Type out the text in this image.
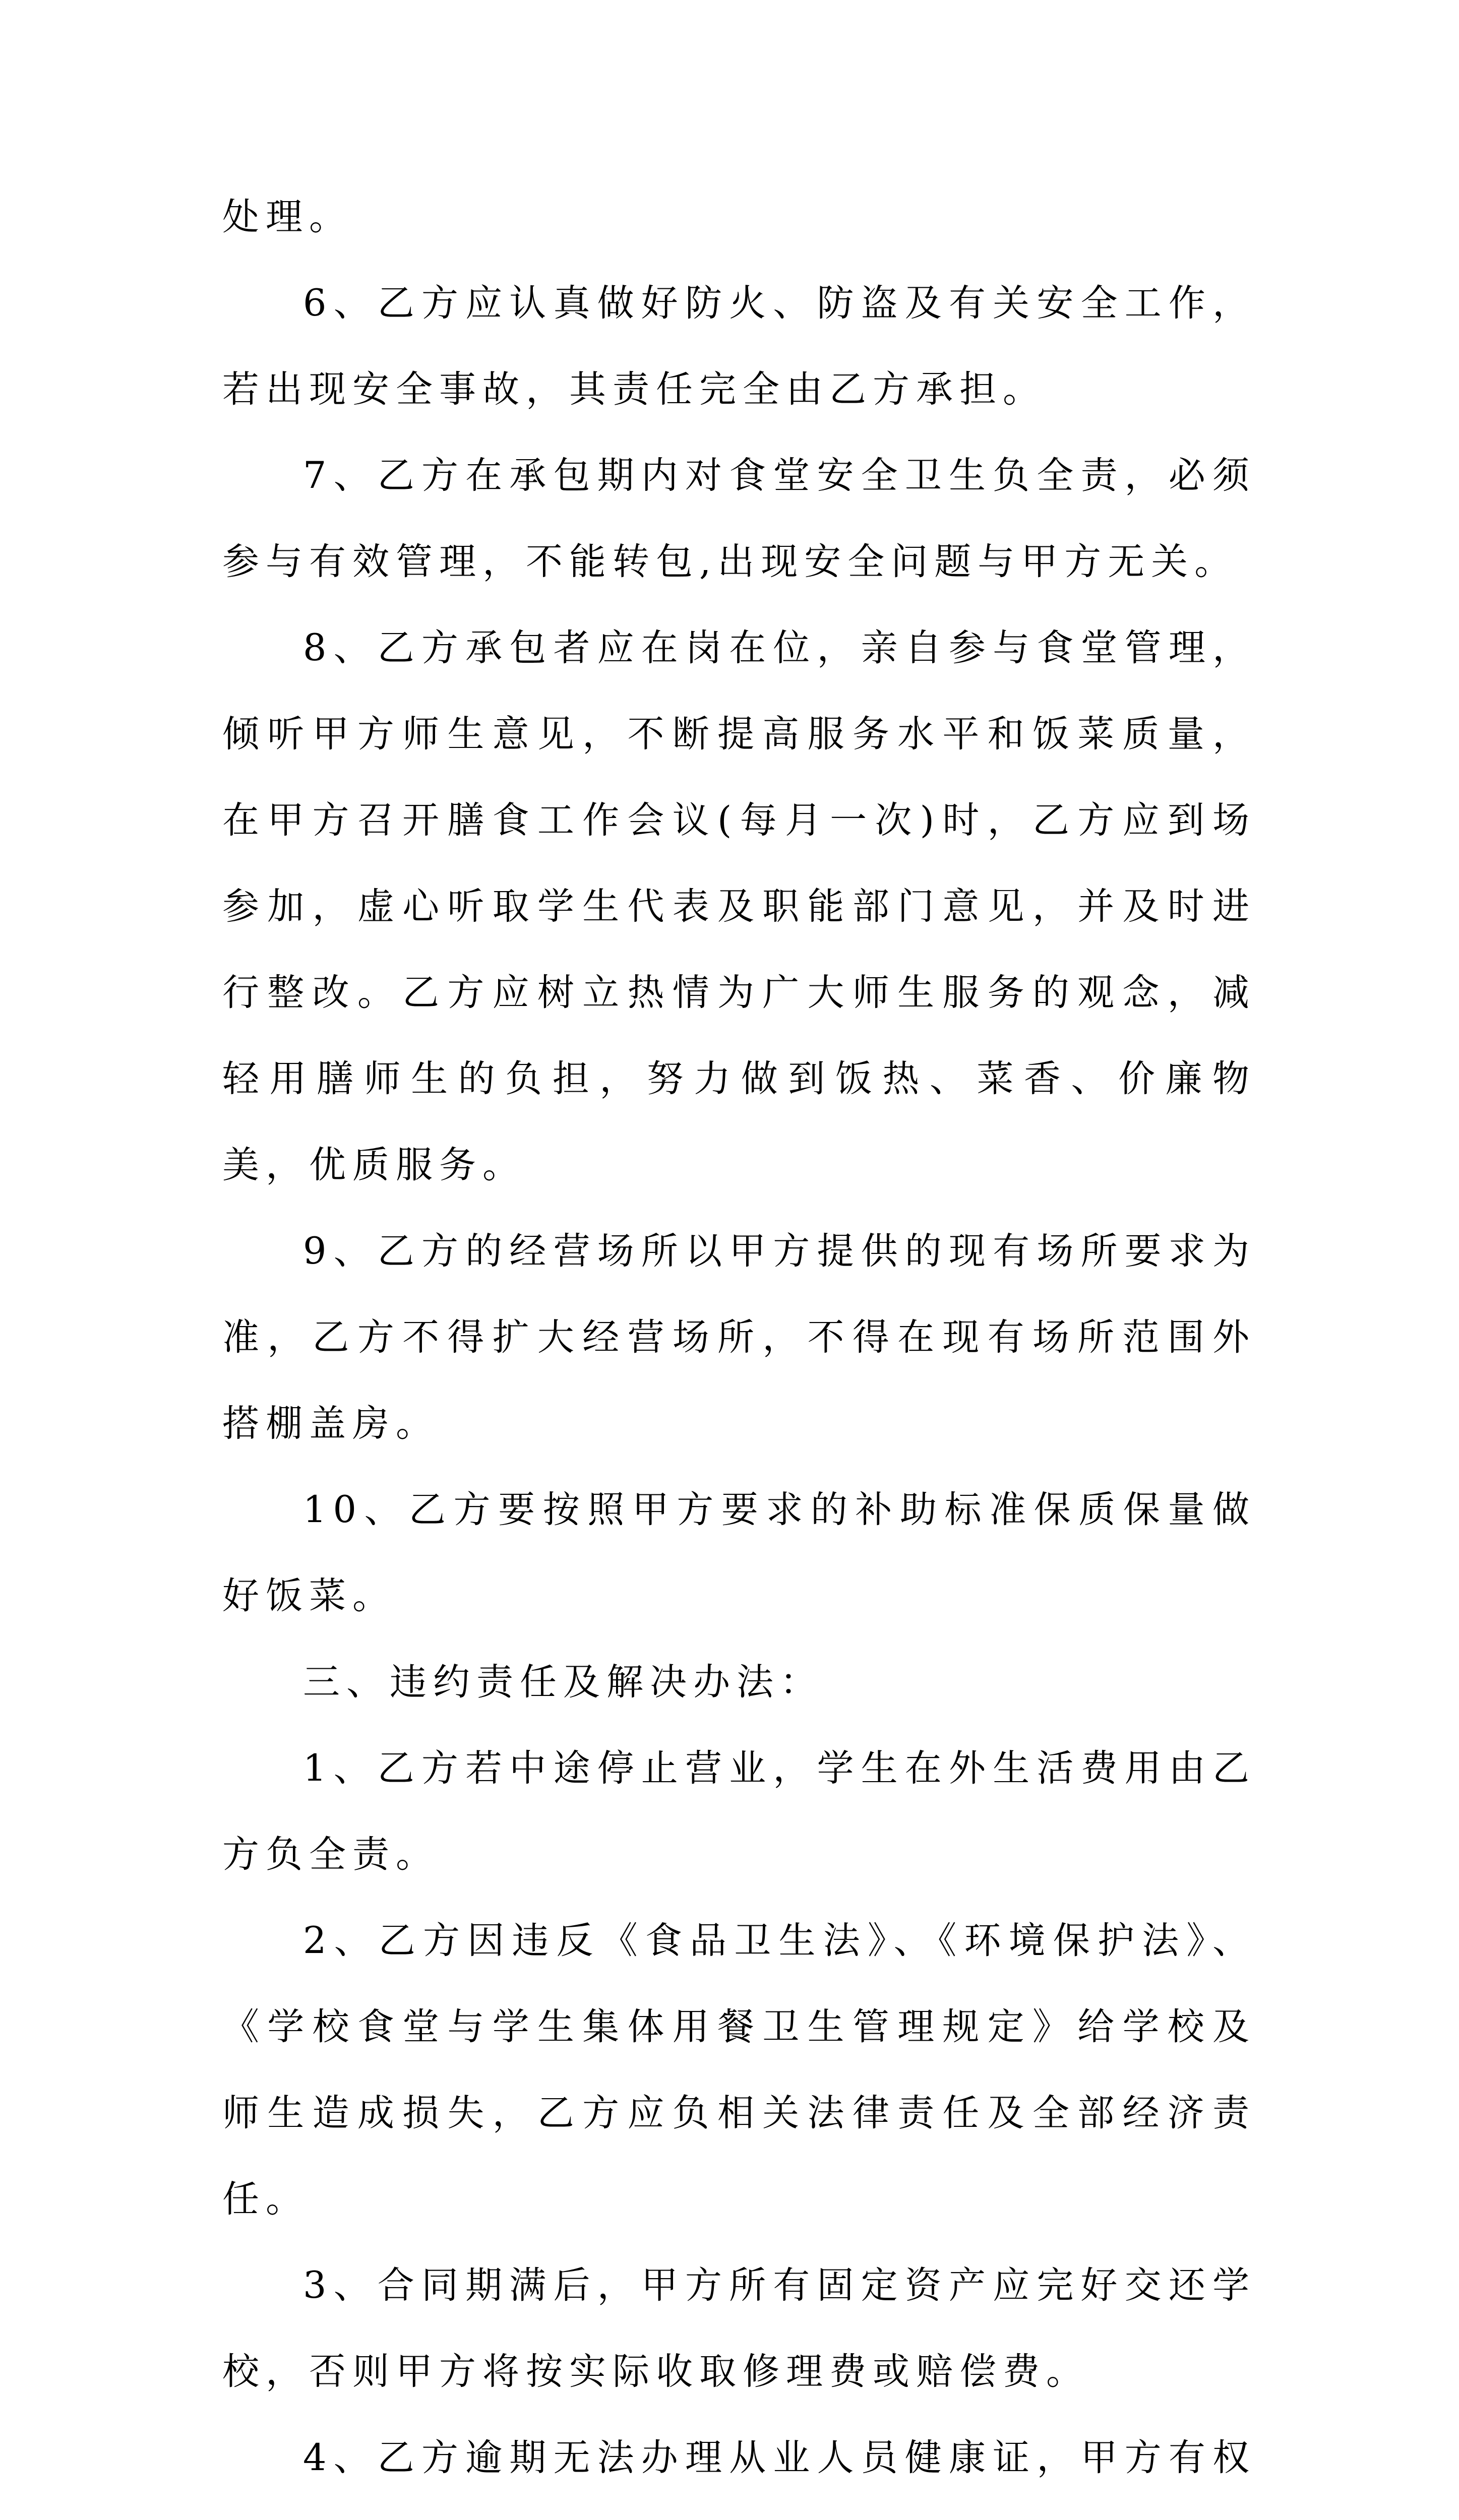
处理。

6、乙方应认真做好防火、防盗及有关安全工作，若出现安全事故，其责任完全由乙方承担。

7、乙方在承包期内对食堂安全卫生负全责，必须参与有效管理，不能转包,出现安全问题与甲方无关。

8、乙方承包者应在岗在位，亲自参与食堂管理，倾听甲方师生意见，不断提高服务水平和饭菜质量，在甲方召开膳食工作会议(每月一次)时，乙方应到场参加，虚心听取学生代表及职能部门意见，并及时进行整改。乙方应树立热情为广大师生服务的观念，减轻用膳师生的负担，努力做到饭热、菜香、价廉物美，优质服务。

9、乙方的经营场所以甲方提供的现有场所要求为准，乙方不得扩大经营场所，不得在现有场所范围外搭棚盖房。

10、乙方要按照甲方要求的补助标准保质保量做好饭菜。

三、违约责任及解决办法：

1、乙方若中途停止营业，学生在外生活费用由乙方负全责。

2、乙方因违反《食品卫生法》、《环境保护法》、《学校食堂与学生集体用餐卫生管理规定》给学校及师生造成损失，乙方应负相关法律责任及全部经济责任。

3、合同期满后，甲方所有固定资产应完好交还学校，否则甲方将按实际收取修理费或赔偿费。

4、乙方逾期无法办理从业人员健康证，甲方有权
